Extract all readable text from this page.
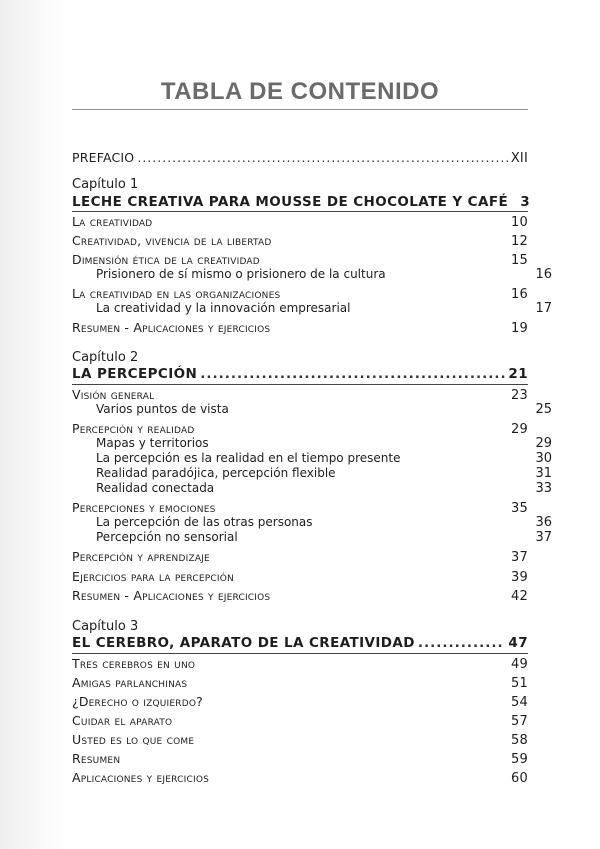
TABLA DE CONTENIDO
PREFACIO .....	XII
Capítulo 1
LECHE CREATIVA PARA MOUSSE DE CHOCOLATE Y CAFÉ 3
La creatividad	10
Creatividad, vivencia de la libertad	12
Dimensión ética de la creatividad	15
Prisionero de sí mismo o prisionero de la cultura	16
La creatividad en las organizaciones	16
La creatividad y la innovación empresarial	17
Resumen - Aplicaciones y ejercicios	19
Capítulo 2
LA PERCEPCIÓN .....	21
Visión general	23
Varios puntos de vista	25
Percepción y realidad	29
Mapas y territorios	29
La percepción es la realidad en el tiempo presente	30
Realidad paradójica, percepción flexible	31
Realidad conectada	33
Percepciones y emociones	35
La percepción de las otras personas	36
Percepción no sensorial	37
Percepción y aprendizaje	37
Ejercicios para la percepción	39
Resumen - Aplicaciones y ejercicios	42
Capítulo 3
EL CEREBRO, APARATO DE LA CREATIVIDAD .....	47
Tres cerebros en uno	49
Amigas parlanchinas	51
¿Derecho o izquierdo?	54
Cuidar el aparato	57
Usted es lo que come	58
Resumen	59
Aplicaciones y ejercicios	60
